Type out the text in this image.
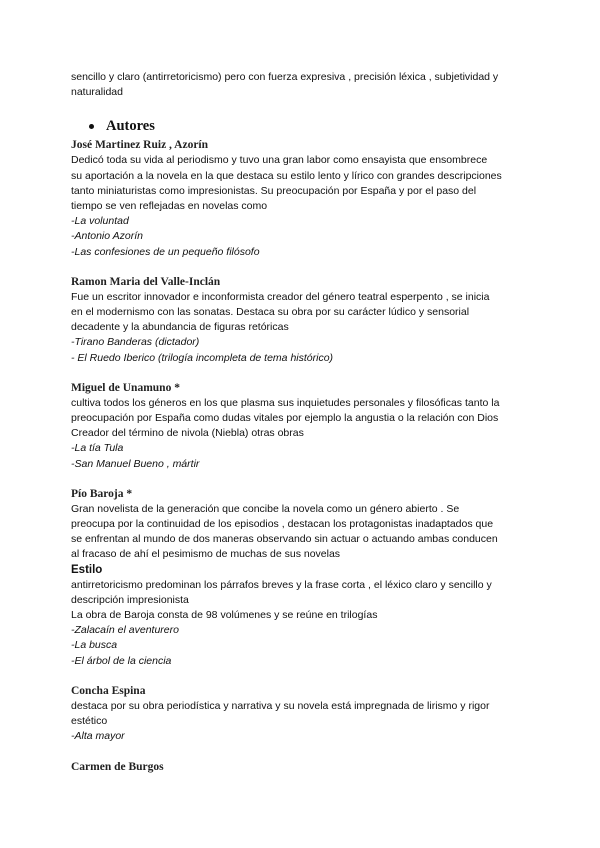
sencillo y claro (antirretoricismo) pero con fuerza expresiva , precisión léxica , subjetividad y
naturalidad
Autores
José Martinez Ruiz , Azorín
Dedicó toda su vida al periodismo y tuvo una gran labor como ensayista que ensombrece
su aportación a la novela en la que destaca su estilo lento y lírico con grandes descripciones
tanto miniaturistas como impresionistas. Su preocupación por España y por el paso del
tiempo se ven reflejadas en novelas como
-La voluntad
-Antonio Azorín
-Las confesiones de un pequeño filósofo
Ramon Maria del Valle-Inclán
Fue un escritor innovador e inconformista creador del género teatral esperpento , se inicia
en el modernismo con las sonatas. Destaca su obra por su carácter lúdico y sensorial
decadente y la abundancia de figuras retóricas
-Tirano Banderas (dictador)
- El Ruedo Iberico (trilogía incompleta de tema histórico)
Miguel de Unamuno *
cultiva todos los géneros en los que plasma sus inquietudes personales y filosóficas tanto la
preocupación por España como dudas vitales por ejemplo la angustia o la relación con Dios
Creador del término de nivola (Niebla) otras obras
-La tía Tula
-San Manuel Bueno , mártir
Pío Baroja *
Gran novelista de la generación que concibe la novela como un género abierto . Se
preocupa por la continuidad de los episodios , destacan los protagonistas inadaptados que
se enfrentan al mundo de dos maneras observando sin actuar o actuando ambas conducen
al fracaso de ahí el pesimismo de muchas de sus novelas
Estilo
antirretoricismo predominan los párrafos breves y la frase corta , el léxico claro y sencillo y
descripción impresionista
La obra de Baroja consta de 98 volúmenes y se reúne en trilogías
-Zalacaín el aventurero
-La busca
-El árbol de la ciencia
Concha Espina
destaca por su obra periodística y narrativa y su novela está impregnada de lirismo y rigor
estético
-Alta mayor
Carmen de Burgos
